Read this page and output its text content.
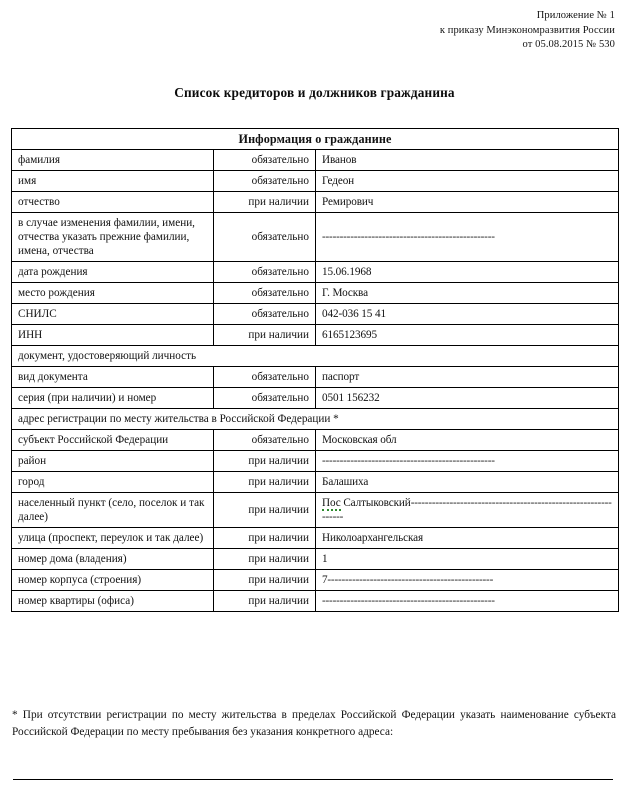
Приложение № 1
к приказу Минэкономразвития России
от 05.08.2015 № 530
Список кредиторов и должников гражданина
Информация о гражданине		
фамилия	обязательно	Иванов
имя	обязательно	Гедеон
отчество	при наличии	Ремирович
в случае изменения фамилии, имени, отчества указать прежние фамилии, имена, отчества	обязательно	-------------------------------------------------
дата рождения	обязательно	15.06.1968
место рождения	обязательно	Г. Москва
СНИЛС	обязательно	042-036 15 41
ИНН	при наличии	6165123695
документ, удостоверяющий личность		
вид документа	обязательно	паспорт
серия (при наличии) и номер	обязательно	0501 156232
адрес регистрации по месту жительства в Российской Федерации *		
субъект Российской Федерации	обязательно	Московская обл
район	при наличии	-------------------------------------------------
город	при наличии	Балашиха
населенный пункт (село, поселок и так далее)	при наличии	Пос Салтыковский---------------------------------------------------------------
улица (проспект, переулок и так далее)	при наличии	Николоархангельская
номер дома (владения)	при наличии	1
номер корпуса (строения)	при наличии	7-----------------------------------------------
номер квартиры (офиса)	при наличии	-------------------------------------------------
* При отсутствии регистрации по месту жительства в пределах Российской Федерации указать наименование субъекта Российской Федерации по месту пребывания без указания конкретного адреса:
